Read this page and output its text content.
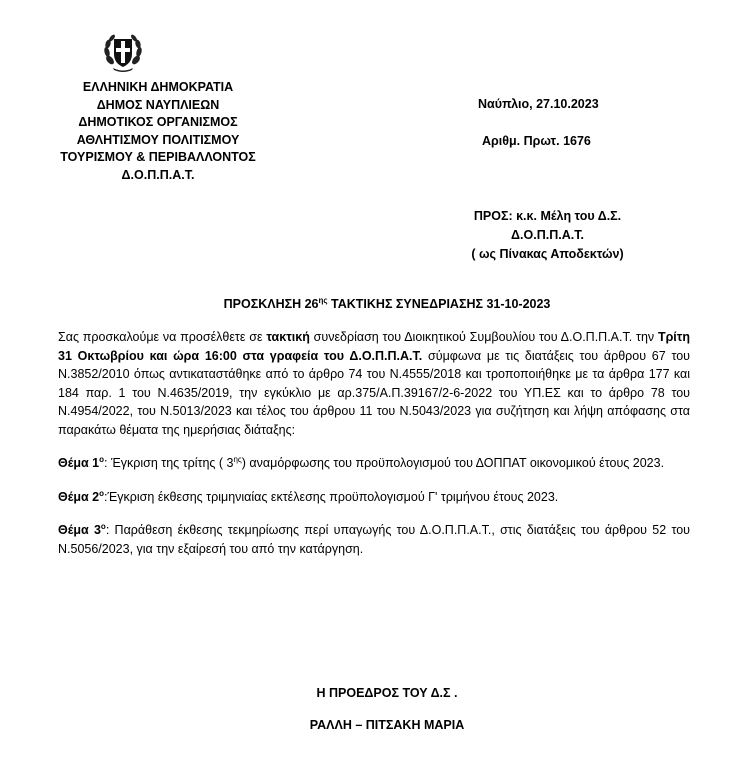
ΕΛΛΗΝΙΚΗ ΔΗΜΟΚΡΑΤΙΑ
ΔΗΜΟΣ ΝΑΥΠΛΙΕΩΝ
ΔΗΜΟΤΙΚΟΣ ΟΡΓΑΝΙΣΜΟΣ
ΑΘΛΗΤΙΣΜΟΥ ΠΟΛΙΤΙΣΜΟΥ
ΤΟΥΡΙΣΜΟΥ & ΠΕΡΙΒΑΛΛΟΝΤΟΣ
Δ.Ο.Π.Π.Α.Τ.
Ναύπλιο, 27.10.2023
Αριθμ. Πρωτ. 1676
ΠΡΟΣ: κ.κ. Μέλη του Δ.Σ.
Δ.Ο.Π.Π.Α.Τ.
( ως Πίνακας Αποδεκτών)
ΠΡΟΣΚΛΗΣΗ $26^{\eta\varsigma}$ ΤΑΚΤΙΚΗΣ ΣΥΝΕΔΡΙΑΣΗΣ 31-10-2023

Σας προσκαλούμε να προσέλθετε σε τακτική συνεδρίαση του Διοικητικού Συμβουλίου του Δ.Ο.Π.Π.Α.Τ. την Τρίτη 31 Οκτωβρίου και ώρα 16:00 στα γραφεία του Δ.Ο.Π.Π.Α.Τ. σύμφωνα με τις διατάξεις του άρθρου 67 του Ν.3852/2010 όπως αντικαταστάθηκε από το άρθρο 74 του Ν.4555/2018 και τροποποιήθηκε με τα άρθρα 177 και 184 παρ. 1 του Ν.4635/2019, την εγκύκλιο με αρ.375/Α.Π.39167/2-6-2022 του ΥΠ.ΕΣ και το άρθρο 78 του Ν.4954/2022, του Ν.5013/2023 και τέλος του άρθρου 11 του Ν.5043/2023 για συζήτηση και λήψη απόφασης στα παρακάτω θέματα της ημερήσιας διάταξης:

Θέμα $1^o$: Έγκριση της τρίτης ( $3^{\eta\varsigma}$) αναμόρφωσης του προϋπολογισμού του ΔΟΠΠΑΤ οικονομικού έτους 2023.

Θέμα $2^o:Έ\gamma\kappa\rho\iota\sigma\eta$ έκθεσης τριμηνιαίας εκτέλεσης προϋπολογισμού Γ' τριμήνου έτους 2023.

Θέμα $3^o$: Παράθεση έκθεσης τεκμηρίωσης περί υπαγωγής του Δ.Ο.Π.Π.Α.Τ., στις διατάξεις του άρθρου 52 του Ν.5056/2023, για την εξαίρεσή του από την κατάργηση.

Η ΠΡΟΕΔΡΟΣ ΤΟΥ Δ.Σ .
ΡΑΛΛΗ – ΠΙΤΣΑΚΗ ΜΑΡΙΑ
